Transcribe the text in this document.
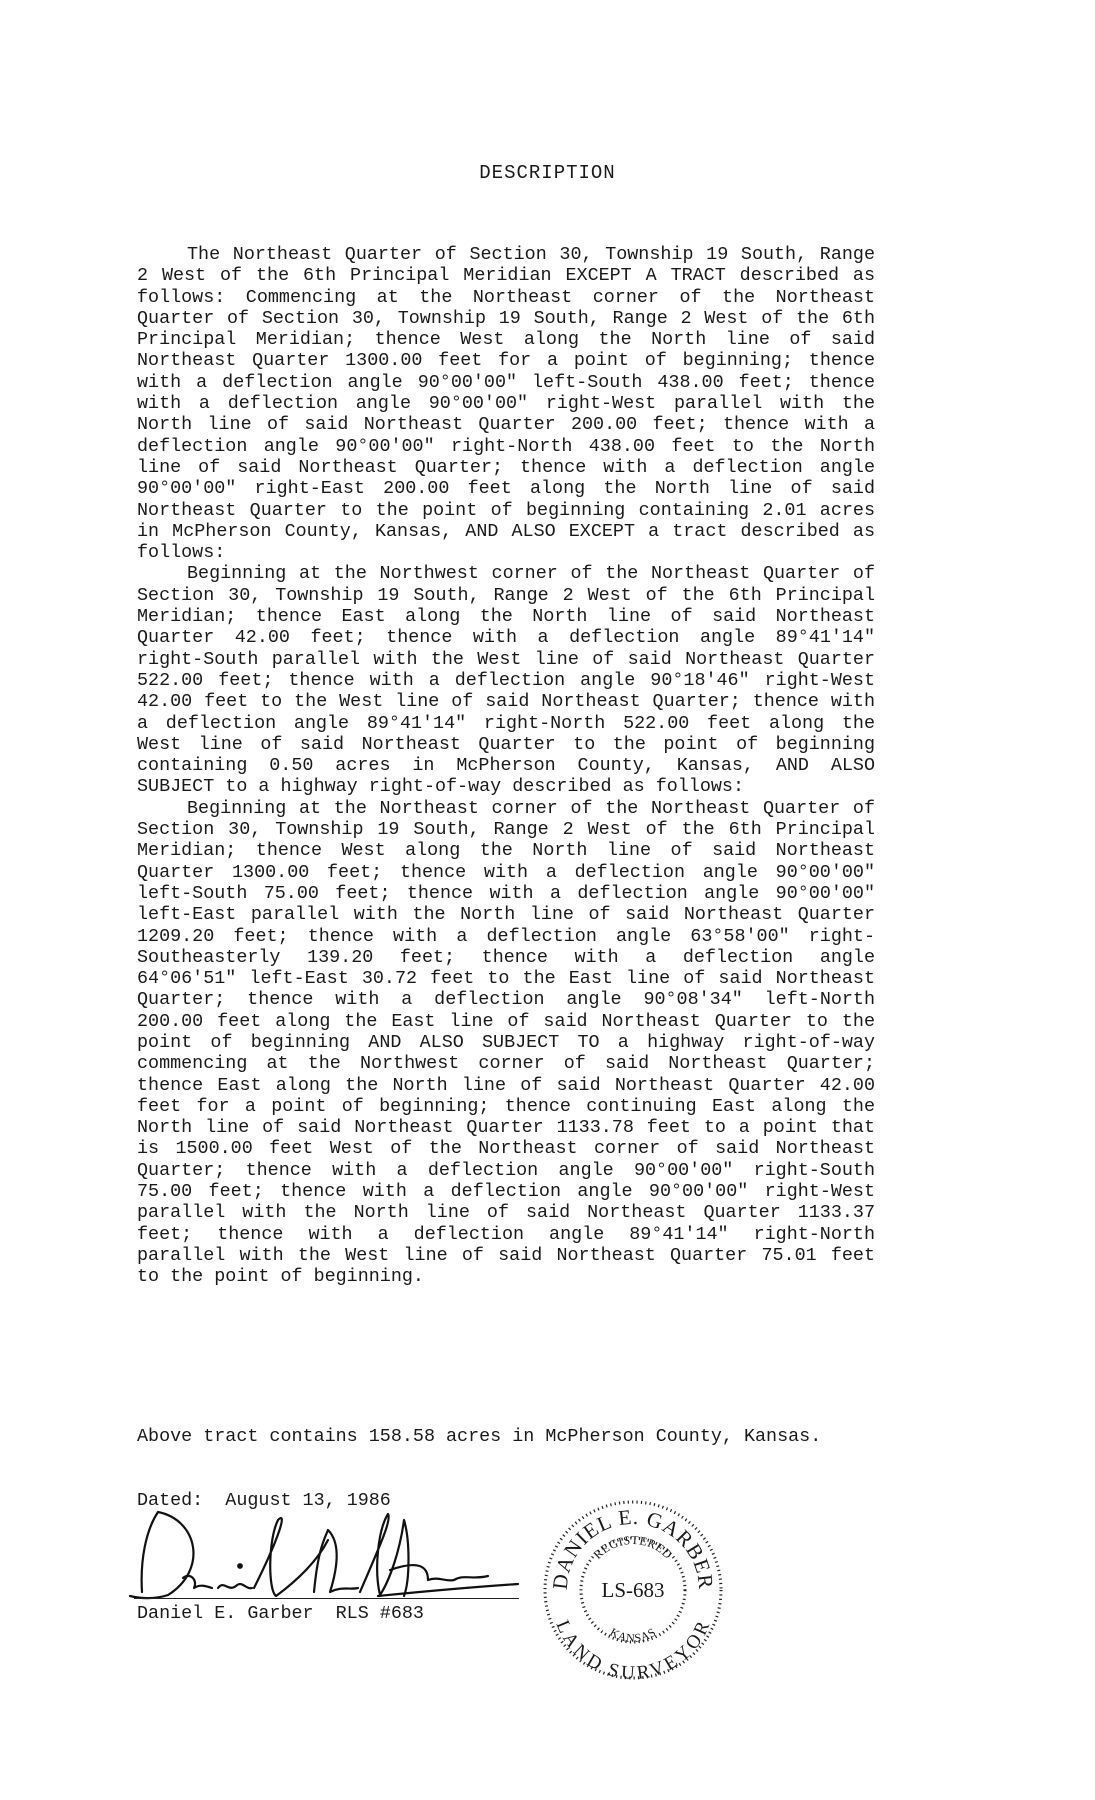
DESCRIPTION

The Northeast Quarter of Section 30, Township 19 South, Range 2 West of the 6th Principal Meridian EXCEPT A TRACT described as follows: Commencing at the Northeast corner of the Northeast Quarter of Section 30, Township 19 South, Range 2 West of the 6th Principal Meridian; thence West along the North line of said Northeast Quarter 1300.00 feet for a point of beginning; thence with a deflection angle 90°00'00" left-South 438.00 feet; thence with a deflection angle 90°00'00" right-West parallel with the North line of said Northeast Quarter 200.00 feet; thence with a deflection angle 90°00'00" right-North 438.00 feet to the North line of said Northeast Quarter; thence with a deflection angle 90°00'00" right-East 200.00 feet along the North line of said Northeast Quarter to the point of beginning containing 2.01 acres in McPherson County, Kansas, AND ALSO EXCEPT a tract described as follows:

Beginning at the Northwest corner of the Northeast Quarter of Section 30, Township 19 South, Range 2 West of the 6th Principal Meridian; thence East along the North line of said Northeast Quarter 42.00 feet; thence with a deflection angle 89°41'14" right-South parallel with the West line of said Northeast Quarter 522.00 feet; thence with a deflection angle 90°18'46" right-West 42.00 feet to the West line of said Northeast Quarter; thence with a deflection angle 89°41'14" right-North 522.00 feet along the West line of said Northeast Quarter to the point of beginning containing 0.50 acres in McPherson County, Kansas, AND ALSO SUBJECT to a highway right-of-way described as follows:

Beginning at the Northeast corner of the Northeast Quarter of Section 30, Township 19 South, Range 2 West of the 6th Principal Meridian; thence West along the North line of said Northeast Quarter 1300.00 feet; thence with a deflection angle 90°00'00" left-South 75.00 feet; thence with a deflection angle 90°00'00" left-East parallel with the North line of said Northeast Quarter 1209.20 feet; thence with a deflection angle 63°58'00" right-Southeasterly 139.20 feet; thence with a deflection angle 64°06'51" left-East 30.72 feet to the East line of said Northeast Quarter; thence with a deflection angle 90°08'34" left-North 200.00 feet along the East line of said Northeast Quarter to the point of beginning AND ALSO SUBJECT TO a highway right-of-way commencing at the Northwest corner of said Northeast Quarter; thence East along the North line of said Northeast Quarter 42.00 feet for a point of beginning; thence continuing East along the North line of said Northeast Quarter 1133.78 feet to a point that is 1500.00 feet West of the Northeast corner of said Northeast Quarter; thence with a deflection angle 90°00'00" right-South 75.00 feet; thence with a deflection angle 90°00'00" right-West parallel with the North line of said Northeast Quarter 1133.37 feet; thence with a deflection angle 89°41'14" right-North parallel with the West line of said Northeast Quarter 75.01 feet to the point of beginning.

Above tract contains 158.58 acres in McPherson County, Kansas.
Dated: August 13, 1986
Daniel E. Garber  RLS #683
DANIEL E. GARBER
REGISTERED
LS-683
KANSAS
LAND SURVEYOR
